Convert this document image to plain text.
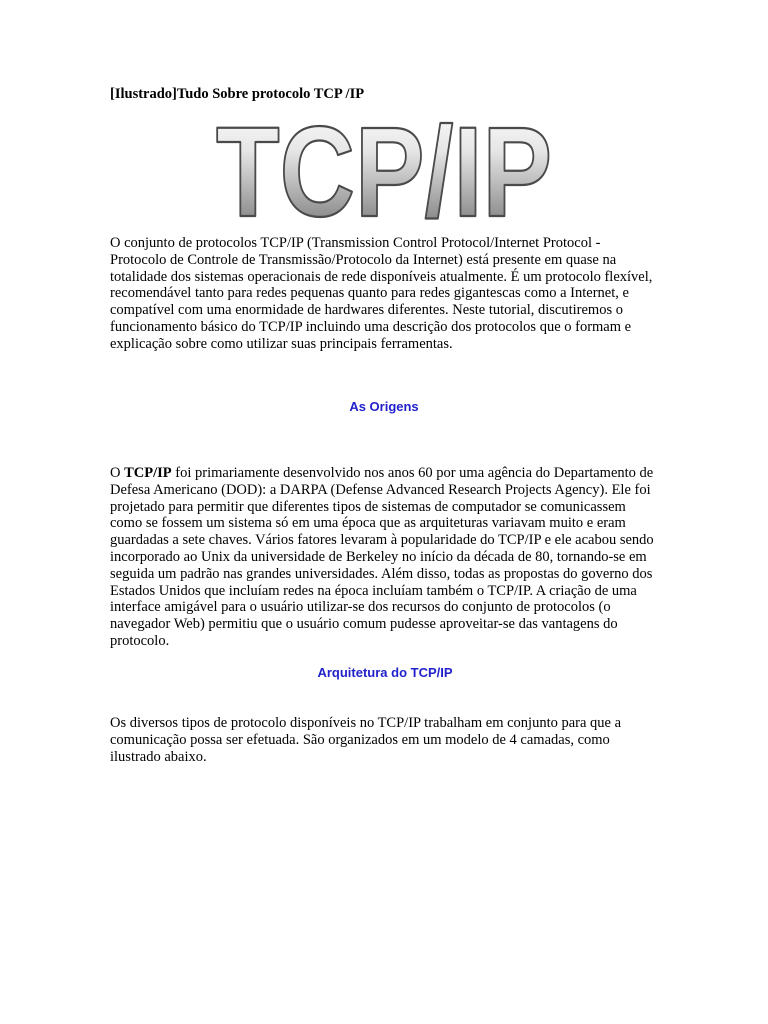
[Ilustrado]Tudo Sobre protocolo TCP /IP
TCP/IP

O conjunto de protocolos TCP/IP (Transmission Control Protocol/Internet Protocol - Protocolo de Controle de Transmissão/Protocolo da Internet) está presente em quase na totalidade dos sistemas operacionais de rede disponíveis atualmente. É um protocolo flexível, recomendável tanto para redes pequenas quanto para redes gigantescas como a Internet, e compatível com uma enormidade de hardwares diferentes. Neste tutorial, discutiremos o funcionamento básico do TCP/IP incluindo uma descrição dos protocolos que o formam e explicação sobre como utilizar suas principais ferramentas.

As Origens

O TCP/IP foi primariamente desenvolvido nos anos 60 por uma agência do Departamento de Defesa Americano (DOD): a DARPA (Defense Advanced Research Projects Agency). Ele foi projetado para permitir que diferentes tipos de sistemas de computador se comunicassem como se fossem um sistema só em uma época que as arquiteturas variavam muito e eram guardadas a sete chaves. Vários fatores levaram à popularidade do TCP/IP e ele acabou sendo incorporado ao Unix da universidade de Berkeley no início da década de 80, tornando-se em seguida um padrão nas grandes universidades. Além disso, todas as propostas do governo dos Estados Unidos que incluíam redes na época incluíam também o TCP/IP. A criação de uma interface amigável para o usuário utilizar-se dos recursos do conjunto de protocolos (o navegador Web) permitiu que o usuário comum pudesse aproveitar-se das vantagens do protocolo.

Arquitetura do TCP/IP

Os diversos tipos de protocolo disponíveis no TCP/IP trabalham em conjunto para que a comunicação possa ser efetuada. São organizados em um modelo de 4 camadas, como ilustrado abaixo.
